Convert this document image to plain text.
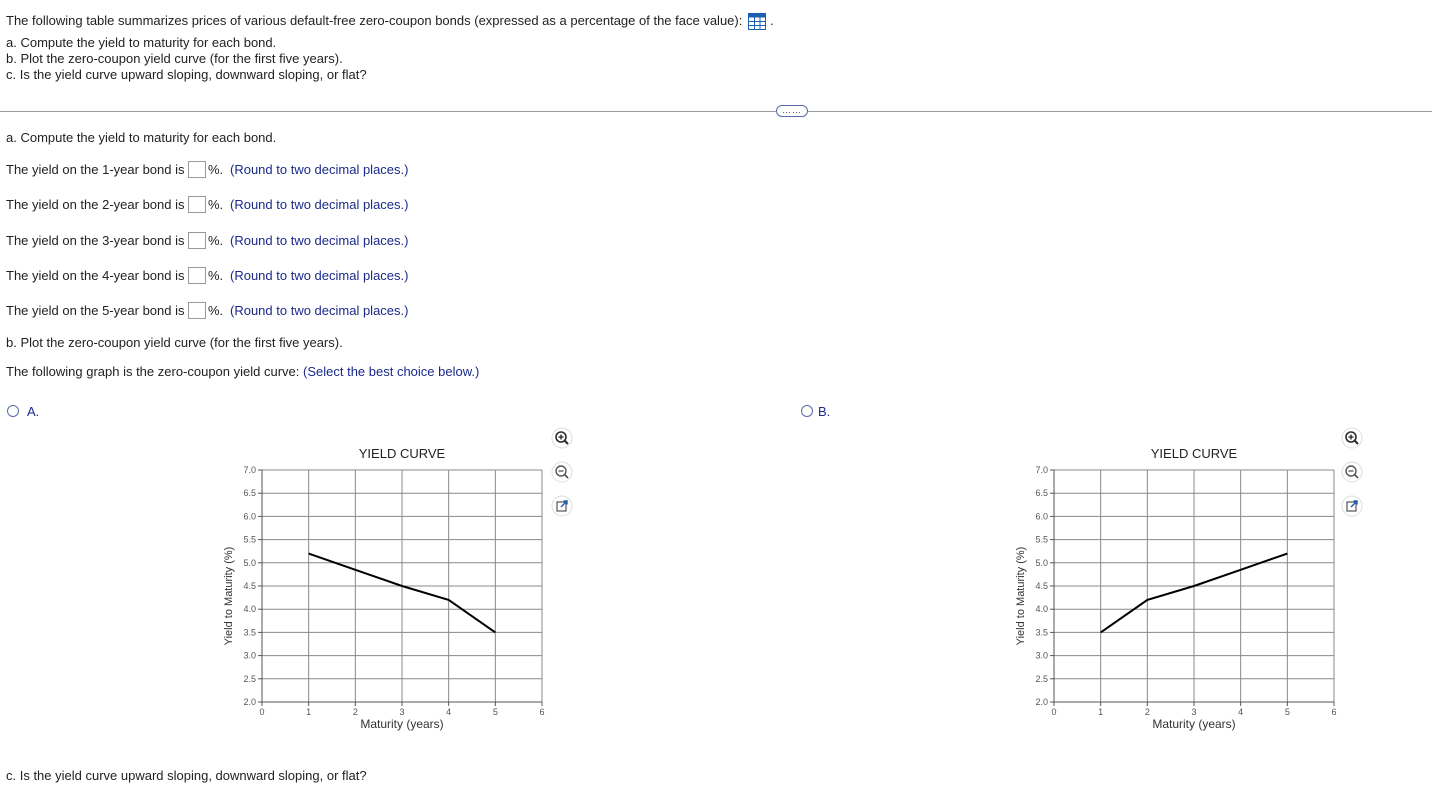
The following table summarizes prices of various default-free zero-coupon bonds (expressed as a percentage of the face value): .
a. Compute the yield to maturity for each bond.
b. Plot the zero-coupon yield curve (for the first five years).
c. Is the yield curve upward sloping, downward sloping, or flat?
……
a. Compute the yield to maturity for each bond.
The yield on the 1-year bond is %. (Round to two decimal places.)
The yield on the 2-year bond is %. (Round to two decimal places.)
The yield on the 3-year bond is %. (Round to two decimal places.)
The yield on the 4-year bond is %. (Round to two decimal places.)
The yield on the 5-year bond is %. (Round to two decimal places.)
b. Plot the zero-coupon yield curve (for the first five years).
The following graph is the zero-coupon yield curve: (Select the best choice below.)
A.	B.
YIELD CURVE
7.0
6.5
6.0
5.5
5.0
4.5
4.0
3.5
3.0
2.5
2.0
0	1	2	3	4	5	6
Maturity (years)
Yield to Maturity (%)
YIELD CURVE
7.0
6.5
6.0
5.5
5.0
4.5
4.0
3.5
3.0
2.5
2.0
0	1	2	3	4	5	6
Maturity (years)
Yield to Maturity (%)
c. Is the yield curve upward sloping, downward sloping, or flat?
